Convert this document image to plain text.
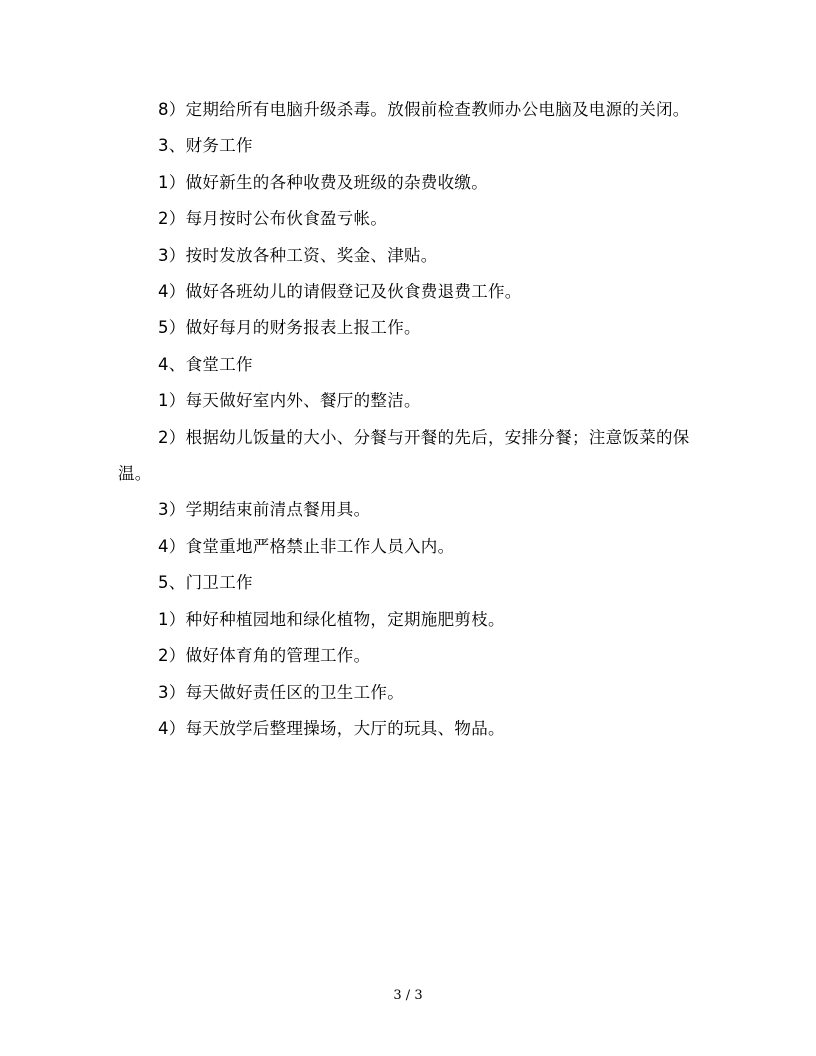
8）定期给所有电脑升级杀毒。放假前检查教师办公电脑及电源的关闭。

3、财务工作

1）做好新生的各种收费及班级的杂费收缴。

2）每月按时公布伙食盈亏帐。

3）按时发放各种工资、奖金、津贴。

4）做好各班幼儿的请假登记及伙食费退费工作。

5）做好每月的财务报表上报工作。

4、食堂工作

1）每天做好室内外、餐厅的整洁。

2）根据幼儿饭量的大小、分餐与开餐的先后，安排分餐；注意饭菜的保温。

3）学期结束前清点餐用具。

4）食堂重地严格禁止非工作人员入内。

5、门卫工作

1）种好种植园地和绿化植物，定期施肥剪枝。

2）做好体育角的管理工作。

3）每天做好责任区的卫生工作。

4）每天放学后整理操场，大厅的玩具、物品。

3 / 3
